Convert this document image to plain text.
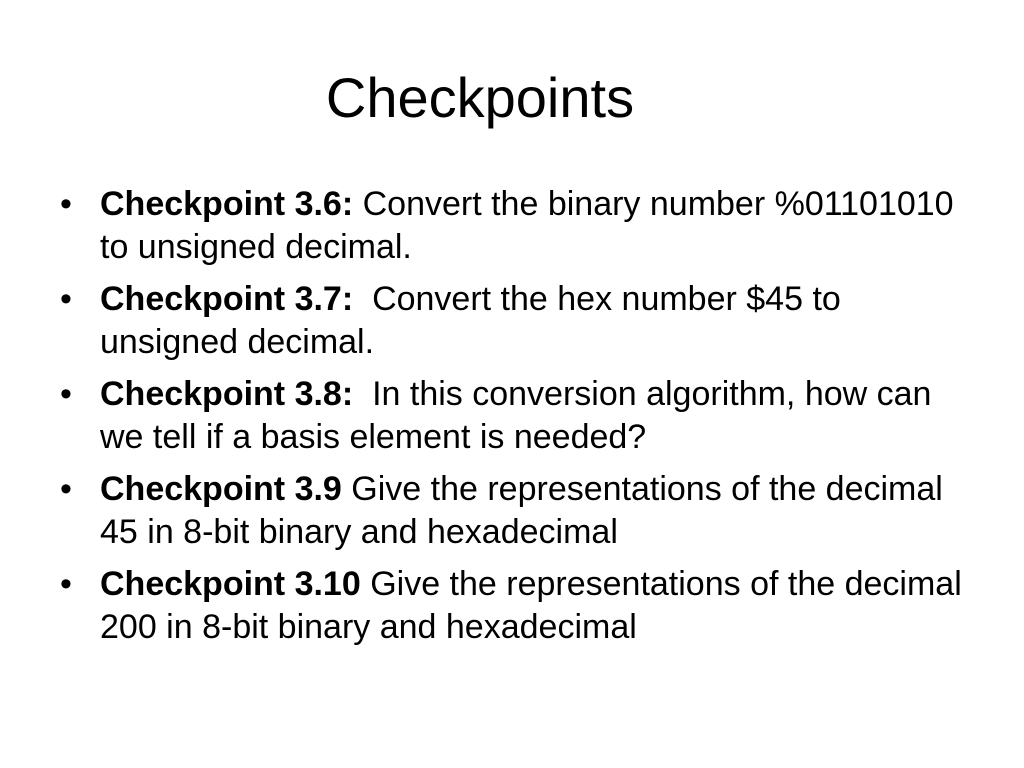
Checkpoints
• Checkpoint 3.6: Convert the binary number %01101010 to unsigned decimal.
• Checkpoint 3.7:  Convert the hex number $45 to unsigned decimal.
• Checkpoint 3.8:  In this conversion algorithm, how can we tell if a basis element is needed?
• Checkpoint 3.9 Give the representations of the decimal 45 in 8-bit binary and hexadecimal
• Checkpoint 3.10 Give the representations of the decimal 200 in 8-bit binary and hexadecimal
